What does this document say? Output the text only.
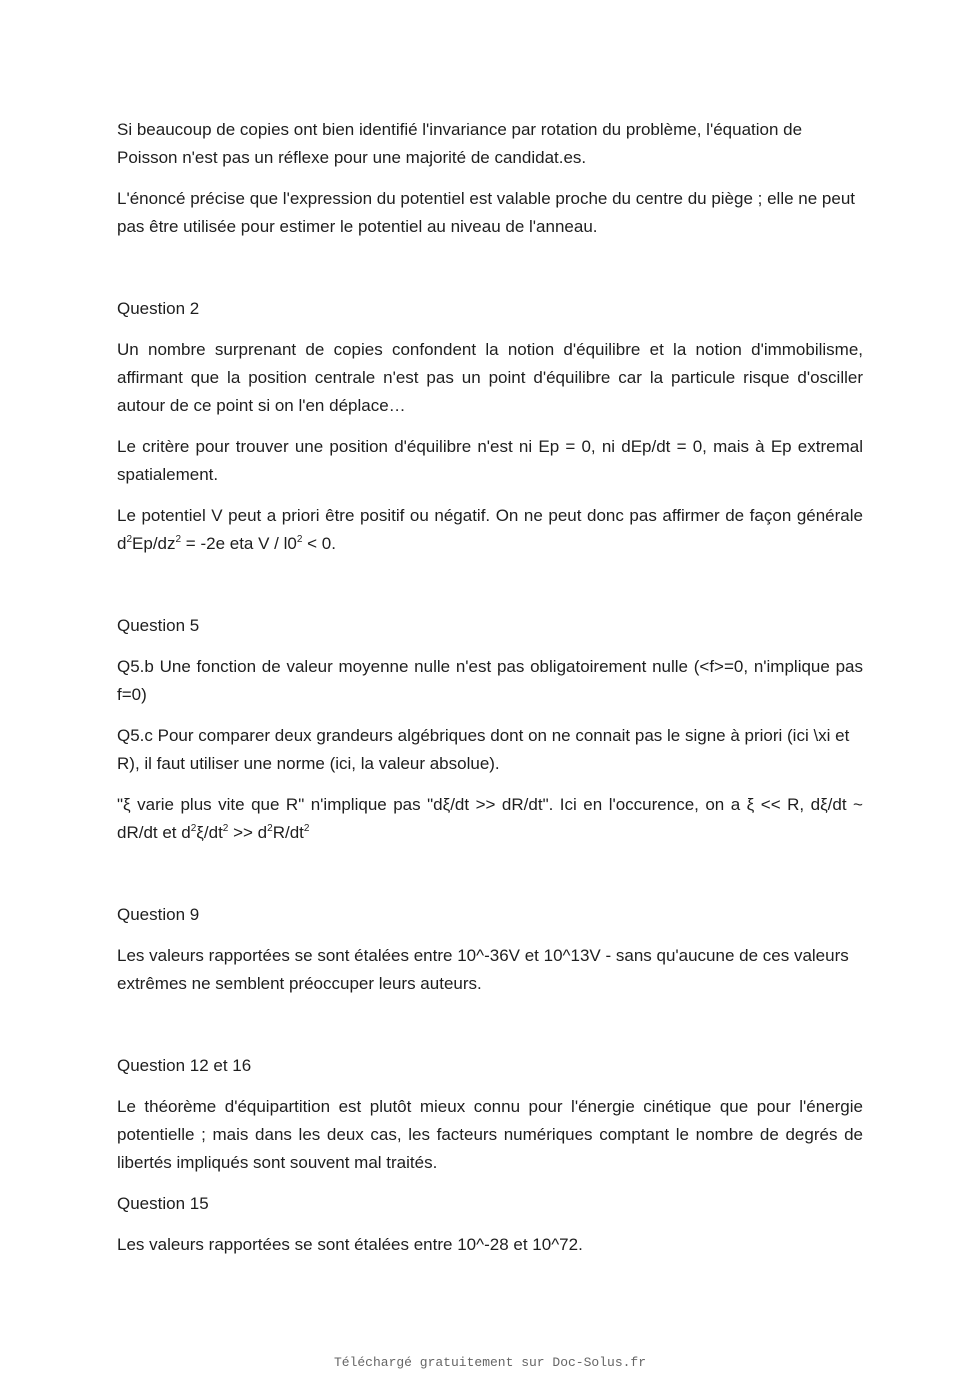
Si beaucoup de copies ont bien identifié l'invariance par rotation du problème, l'équation de Poisson n'est pas un réflexe pour une majorité de candidat.es.

L'énoncé précise que l'expression du potentiel est valable proche du centre du piège ; elle ne peut pas être utilisée pour estimer le potentiel au niveau de l'anneau.

Question 2

Un nombre surprenant de copies confondent la notion d'équilibre et la notion d'immobilisme, affirmant que la position centrale n'est pas un point d'équilibre car la particule risque d'osciller autour de ce point si on l'en déplace…

Le critère pour trouver une position d'équilibre n'est ni Ep = 0, ni dEp/dt = 0, mais à Ep extremal spatialement.

Le potentiel V peut a priori être positif ou négatif. On ne peut donc pas affirmer de façon générale $d^2Ep/dz^2 = -2e$ eta $V / l0^2 < 0$.

Question 5

Q5.b Une fonction de valeur moyenne nulle n'est pas obligatoirement nulle (<f>=0, n'implique pas f=0)

Q5.c Pour comparer deux grandeurs algébriques dont on ne connait pas le signe à priori (ici \xi et R), il faut utiliser une norme (ici, la valeur absolue).

"ξ varie plus vite que R" n'implique pas "dξ/dt >> dR/dt". Ici en l'occurence, on a ξ << R, dξ/dt ~ dR/dt et $d^2\xi/dt^2 >> d^2R/dt^2$

Question 9

Les valeurs rapportées se sont étalées entre 10^-36V et 10^13V - sans qu'aucune de ces valeurs extrêmes ne semblent préoccuper leurs auteurs.

Question 12 et 16

Le théorème d'équipartition est plutôt mieux connu pour l'énergie cinétique que pour l'énergie potentielle ; mais dans les deux cas, les facteurs numériques comptant le nombre de degrés de libertés impliqués sont souvent mal traités.

Question 15

Les valeurs rapportées se sont étalées entre 10^-28 et 10^72.

Téléchargé gratuitement sur Doc-Solus.fr
